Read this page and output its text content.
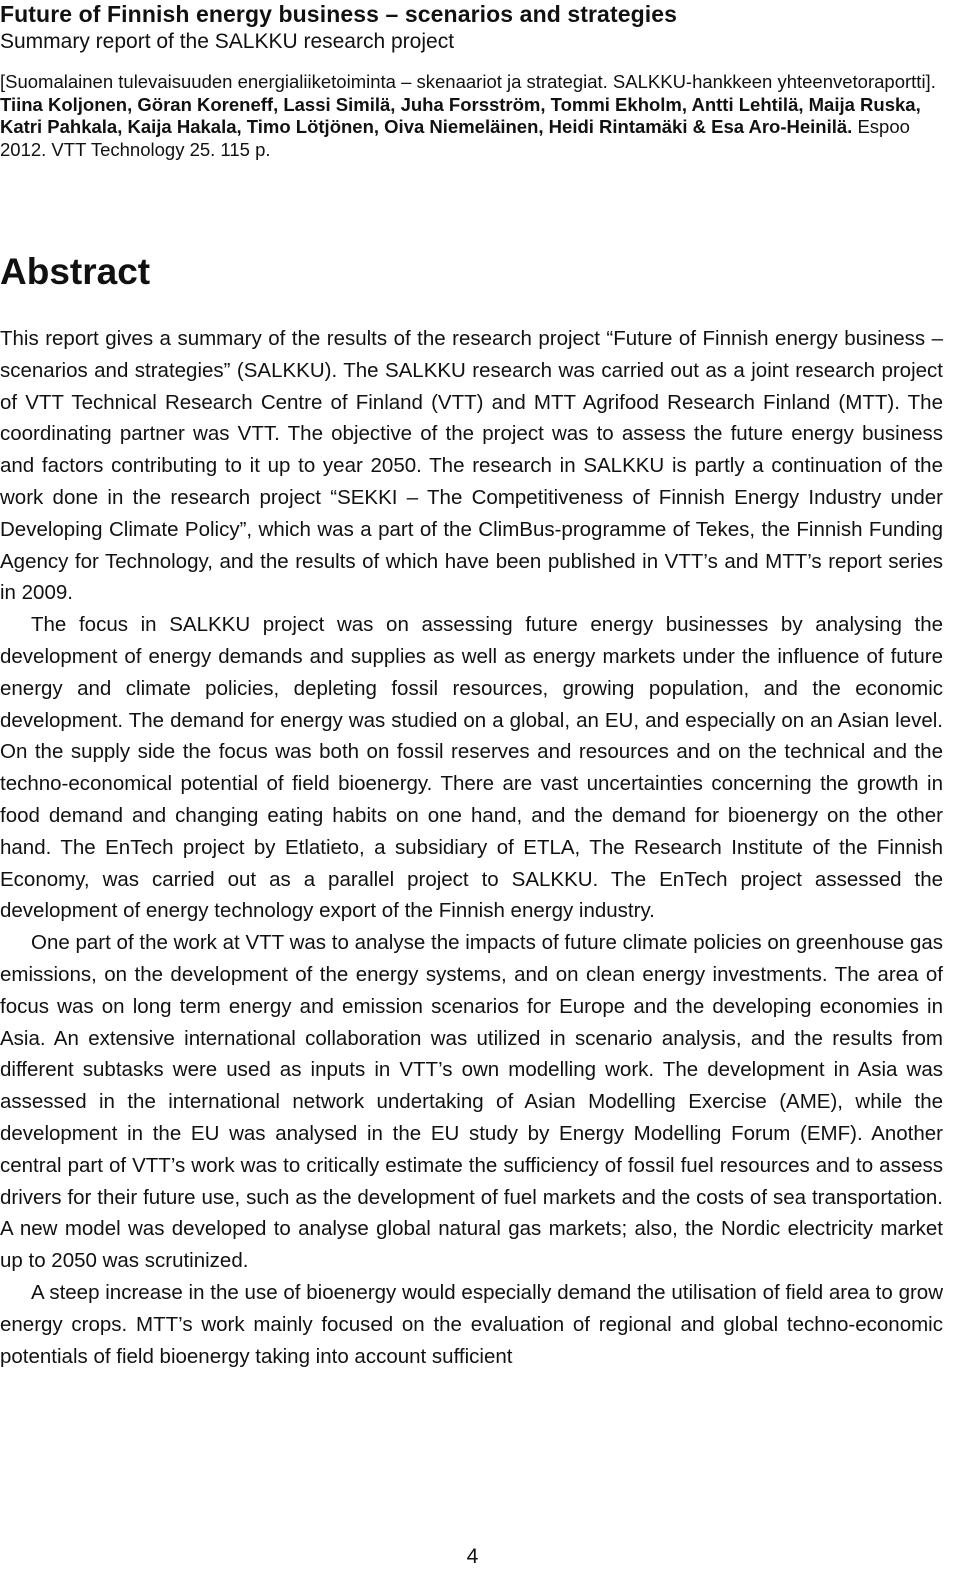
Future of Finnish energy business – scenarios and strategies
Summary report of the SALKKU research project
[Suomalainen tulevaisuuden energialiiketoiminta – skenaariot ja strategiat. SALKKU-hankkeen yhteenvetoraportti]. Tiina Koljonen, Göran Koreneff, Lassi Similä, Juha Forsström, Tommi Ekholm, Antti Lehtilä, Maija Ruska, Katri Pahkala, Kaija Hakala, Timo Lötjönen, Oiva Niemeläinen, Heidi Rintamäki & Esa Aro-Heinilä. Espoo 2012. VTT Technology 25. 115 p.
Abstract

This report gives a summary of the results of the research project “Future of Finnish energy business – scenarios and strategies” (SALKKU). The SALKKU research was carried out as a joint research project of VTT Technical Research Centre of Finland (VTT) and MTT Agrifood Research Finland (MTT). The coordinating partner was VTT. The objective of the project was to assess the future energy business and factors contributing to it up to year 2050. The research in SALKKU is partly a continuation of the work done in the research project “SEKKI – The Competitiveness of Finnish Energy Industry under Developing Climate Policy”, which was a part of the ClimBus-programme of Tekes, the Finnish Funding Agency for Technology, and the results of which have been published in VTT’s and MTT’s report series in 2009.

The focus in SALKKU project was on assessing future energy businesses by analysing the development of energy demands and supplies as well as energy markets under the influence of future energy and climate policies, depleting fossil resources, growing population, and the economic development. The demand for energy was studied on a global, an EU, and especially on an Asian level. On the supply side the focus was both on fossil reserves and resources and on the technical and the techno-economical potential of field bioenergy. There are vast uncertainties concerning the growth in food demand and changing eating habits on one hand, and the demand for bioenergy on the other hand. The EnTech project by Etlatieto, a subsidiary of ETLA, The Research Institute of the Finnish Economy, was carried out as a parallel project to SALKKU. The EnTech project assessed the development of energy technology export of the Finnish energy industry.

One part of the work at VTT was to analyse the impacts of future climate policies on greenhouse gas emissions, on the development of the energy systems, and on clean energy investments. The area of focus was on long term energy and emission scenarios for Europe and the developing economies in Asia. An extensive international collaboration was utilized in scenario analysis, and the results from different subtasks were used as inputs in VTT’s own modelling work. The development in Asia was assessed in the international network undertaking of Asian Modelling Exercise (AME), while the development in the EU was analysed in the EU study by Energy Modelling Forum (EMF). Another central part of VTT’s work was to critically estimate the sufficiency of fossil fuel resources and to assess drivers for their future use, such as the development of fuel markets and the costs of sea transportation. A new model was developed to analyse global natural gas markets; also, the Nordic electricity market up to 2050 was scrutinized.

A steep increase in the use of bioenergy would especially demand the utilisation of field area to grow energy crops. MTT’s work mainly focused on the evaluation of regional and global techno-economic potentials of field bioenergy taking into account sufficient

4
